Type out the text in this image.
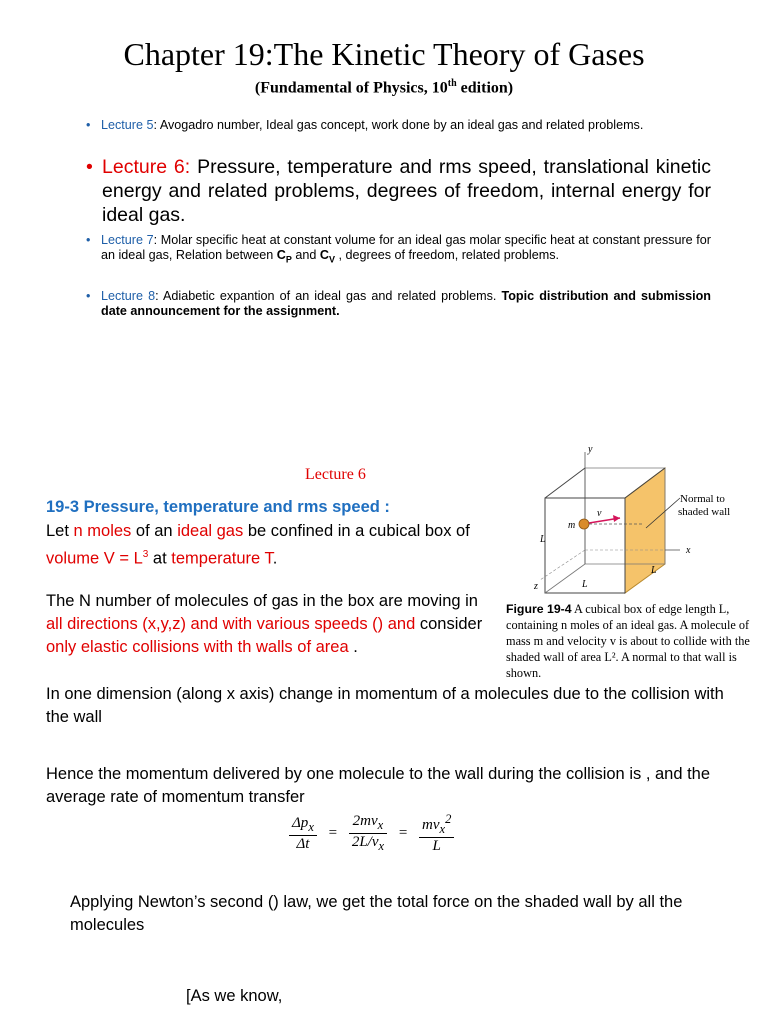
Chapter 19:The Kinetic Theory of Gases
(Fundamental of Physics, 10th edition)
• Lecture 5: Avogadro number, Ideal gas concept, work done by an ideal gas and related problems.
• Lecture 6: Pressure, temperature and rms speed, translational kinetic energy and related problems, degrees of freedom, internal energy for ideal gas.
• Lecture 7: Molar specific heat at constant volume for an ideal gas molar specific heat at constant pressure for an ideal gas, Relation between $C_P$ and $C_V$ , degrees of freedom, related problems.
• Lecture 8: Adiabetic expantion of an ideal gas and related problems. Topic distribution and submission date announcement for the assignment.
Lecture 6
19-3 Pressure, temperature and rms speed :
Let n moles of an ideal gas be confined in a cubical box of volume $V = L^3$ at temperature T.
The N number of molecules of gas in the box are moving in all directions (x,y,z) and with various speeds () and consider only elastic collisions with th walls of area .
In one dimension (along x axis) change in momentum of a molecules due to the collision with the wall
Hence the momentum delivered by one molecule to the wall during the collision is , and the average rate of momentum transfer
$\frac{\Delta p_x}{\Delta t} = \frac{2mv_x}{2L/v_x} = \frac{mv_x^2}{L}$
Applying Newton’s second () law, we get the total force on the shaded wall by all the molecules
[As we know,
y
x
z
m
v
Normal to
shaded wall
L
L
L
Figure 19-4 A cubical box of edge length L, containing n moles of an ideal gas. A molecule of mass m and velocity v is about to collide with the shaded wall of area L². A normal to that wall is shown.
